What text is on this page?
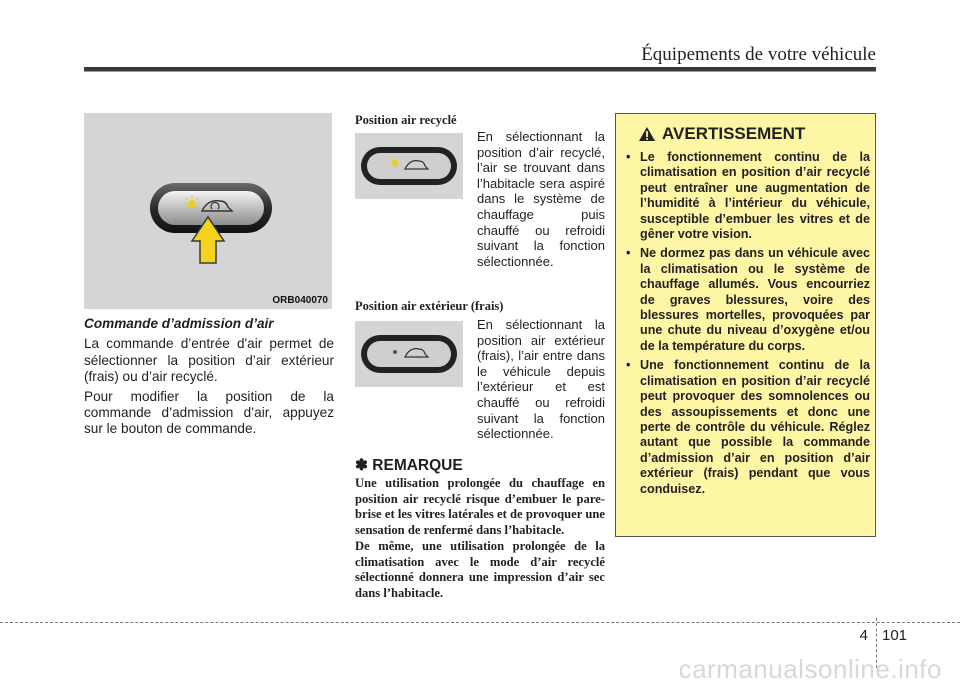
Équipements de votre véhicule
ORB040070
Commande d’admission d’air

La commande d’entrée d'air permet de sélectionner la position d’air extérieur (frais) ou d’air recyclé.

Pour modifier la position de la commande d’admission d’air, appuyez sur le bouton de commande.

Position air recyclé
En sélectionnant la position d’air recyclé, l’air se trouvant dans l’habitacle sera aspiré dans le système de chauffage puis chauffé ou refroidi suivant la fonction sélectionnée.
Position air extérieur (frais)
En sélectionnant la position air extérieur (frais), l’air entre dans le véhicule depuis l’extérieur et est chauffé ou refroidi suivant la fonction sélectionnée.
✽ REMARQUE

Une utilisation prolongée du chauffage en position air recyclé risque d’embuer le pare-brise et les vitres latérales et de provoquer une sensation de renfermé dans l’habitacle.

De même, une utilisation prolongée de la climatisation avec le mode d’air recyclé sélectionné donnera une impression d’air sec dans l’habitacle.

AVERTISSEMENT
• Le fonctionnement continu de la climatisation en position d’air recyclé peut entraîner une augmentation de l’humidité à l’intérieur du véhicule, susceptible d’embuer les vitres et de gêner votre vision.
• Ne dormez pas dans un véhicule avec la climatisation ou le système de chauffage allumés. Vous encourriez de graves blessures, voire des blessures mortelles, provoquées par une chute du niveau d’oxygène et/ou de la température du corps.
• Une fonctionnement continu de la climatisation en position d’air recyclé peut provoquer des somnolences ou des assoupissements et donc une perte de contrôle du véhicule. Réglez autant que possible la commande d’admission d’air en position d’air extérieur (frais) pendant que vous conduisez.
4 101
carmanualsonline.info
